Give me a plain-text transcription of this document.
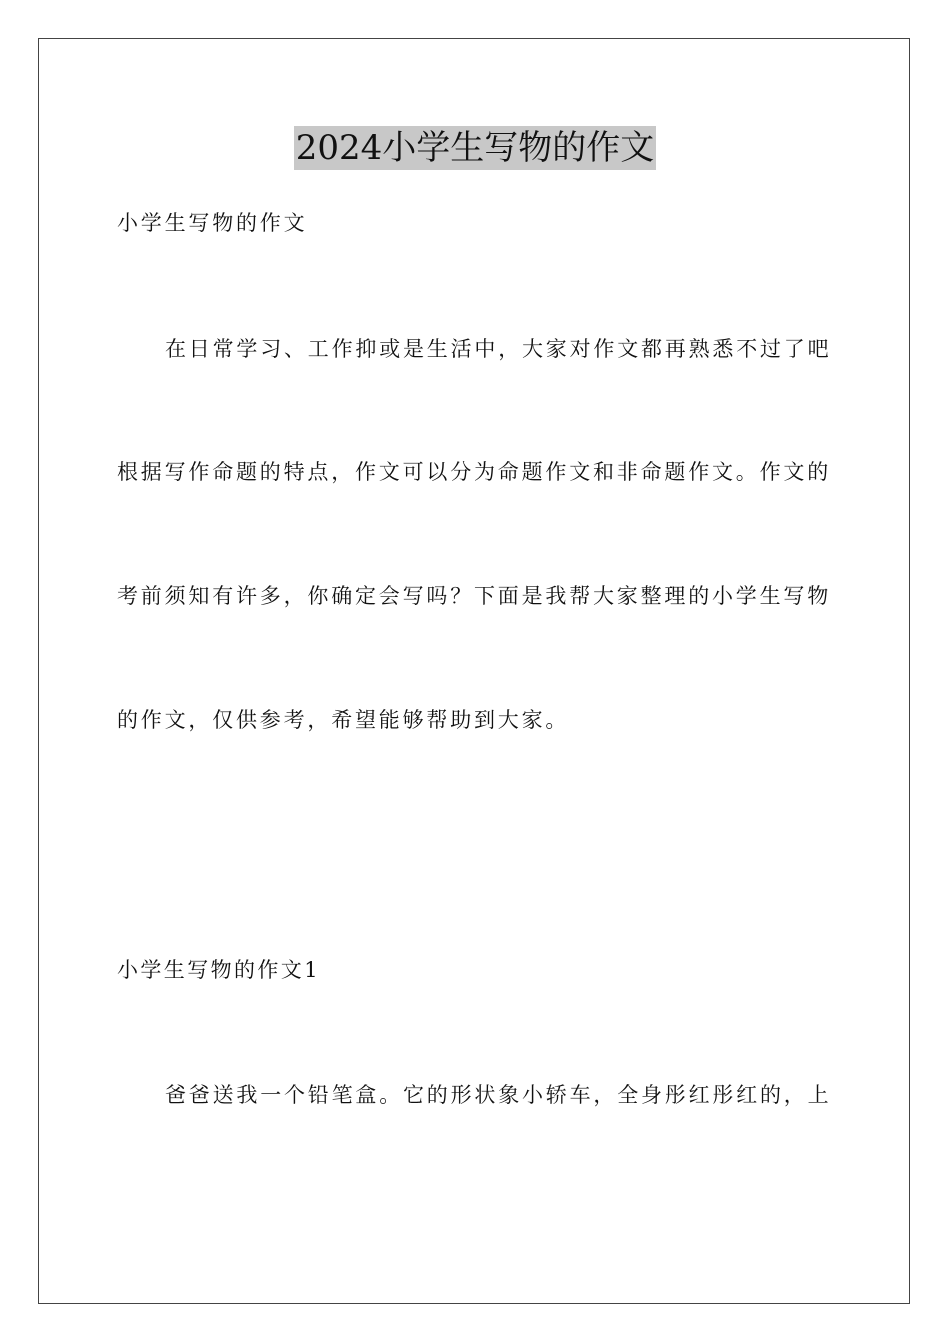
2024小学生写物的作文
小学生写物的作文
在日常学习、工作抑或是生活中，大家对作文都再熟悉不过了吧
根据写作命题的特点，作文可以分为命题作文和非命题作文。作文的
考前须知有许多，你确定会写吗？下面是我帮大家整理的小学生写物
的作文，仅供参考，希望能够帮助到大家。
小学生写物的作文1
爸爸送我一个铅笔盒。它的形状象小轿车，全身彤红彤红的，上
